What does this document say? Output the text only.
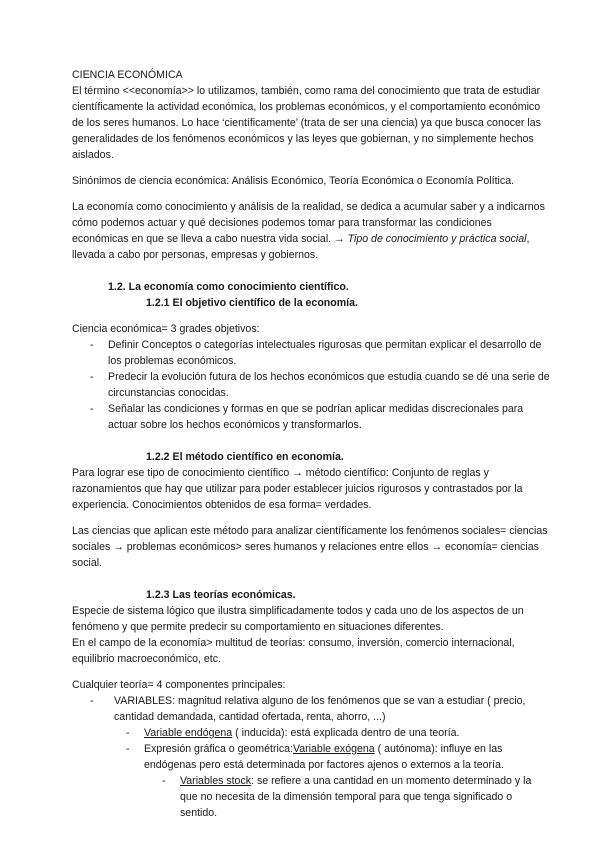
CIENCIA ECONÓMICA

El término <<economía>> lo utilizamos, también, como rama del conocimiento que trata de estudiar científicamente la actividad económica, los problemas económicos, y el comportamiento económico de los seres humanos. Lo hace ‘científicamente’ (trata de ser una ciencia) ya que busca conocer las generalidades de los fenómenos económicos y las leyes que gobiernan, y no simplemente hechos aislados.

Sinónimos de ciencia económica: Análisis Económico, Teoría Económica o Economía Política.

La economía como conocimiento y análisis de la realidad, se dedica a acumular saber y a indicarnos cómo podemos actuar y qué decisiones podemos tomar para transformar las condiciones económicas en que se lleva a cabo nuestra vida social. → Tipo de conocimiento y práctica social, llevada a cabo por personas, empresas y gobiernos.

1.2. La economía como conocimiento científico.

1.2.1 El objetivo científico de la economía.

Ciencia económica= 3 grades objetivos:

- Definir Conceptos o categorías intelectuales rigurosas que permitan explicar el desarrollo de los problemas económicos.
- Predecir la evolución futura de los hechos económicos que estudia cuando se dé una serie de circunstancias conocidas.
- Señalar las condiciones y formas en que se podrían aplicar medidas discrecionales para actuar sobre los hechos económicos y transformarlos.

1.2.2 El método científico en economía.

Para lograr ese tipo de conocimiento científico → método científico: Conjunto de reglas y razonamientos que hay que utilizar para poder establecer juicios rigurosos y contrastados por la experiencia. Conocimientos obtenidos de esa forma= verdades.

Las ciencias que aplican este método para analizar científicamente los fenómenos sociales= ciencias sociales → problemas económicos> seres humanos y relaciones entre ellos → economía= ciencias social.

1.2.3 Las teorías económicas.

Especie de sistema lógico que ilustra simplificadamente todos y cada uno de los aspectos de un fenómeno y que permite predecir su comportamiento en situaciones diferentes.

En el campo de la economía> multitud de teorías: consumo, inversión, comercio internacional, equilibrio macroeconómico, etc.

Cualquier teoría= 4 componentes principales:

- VARIABLES: magnitud relativa alguno de los fenómenos que se van a estudiar ( precio, cantidad demandada, cantidad ofertada, renta, ahorro, ...)
- Variable endógena ( inducida): está explicada dentro de una teoría.
- Expresión gráfica o geométrica:Variable exógena ( autónoma): influye en las endógenas pero está determinada por factores ajenos o externos a la teoría.
- Variables stock: se refiere a una cantidad en un momento determinado y la que no necesita de la dimensión temporal para que tenga significado o sentido.
